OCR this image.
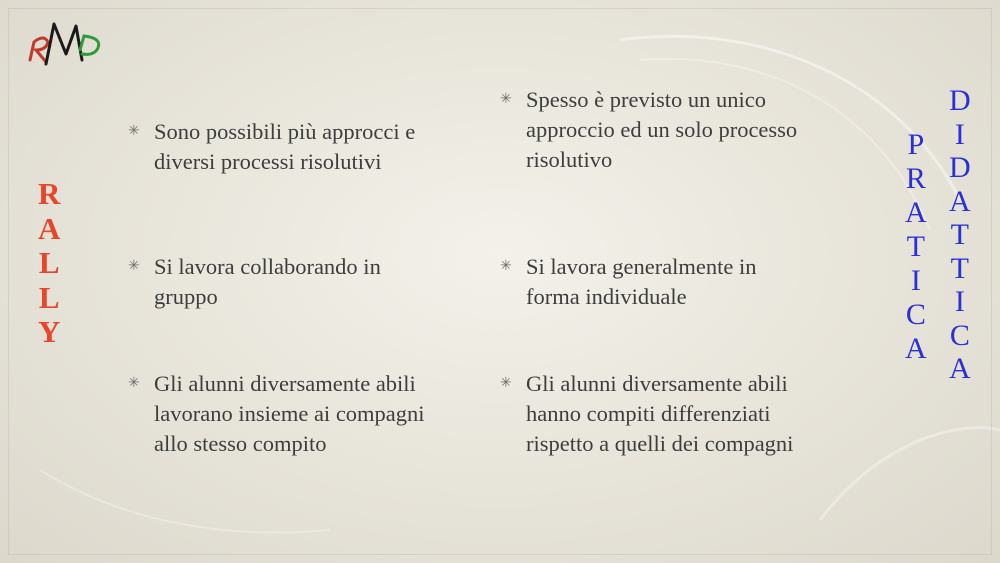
R
A
L
L
Y
P
R
A
T
I
C
A
D
I
D
A
T
T
I
C
A
✳ Sono possibili più approcci e
diversi processi risolutivi
✳ Si lavora collaborando in
gruppo
✳ Gli alunni diversamente abili
lavorano insieme ai compagni
allo stesso compito
✳ Spesso è previsto un unico
approccio ed un solo processo
risolutivo
✳ Si lavora generalmente in
forma individuale
✳ Gli alunni diversamente abili
hanno compiti differenziati
rispetto a quelli dei compagni
